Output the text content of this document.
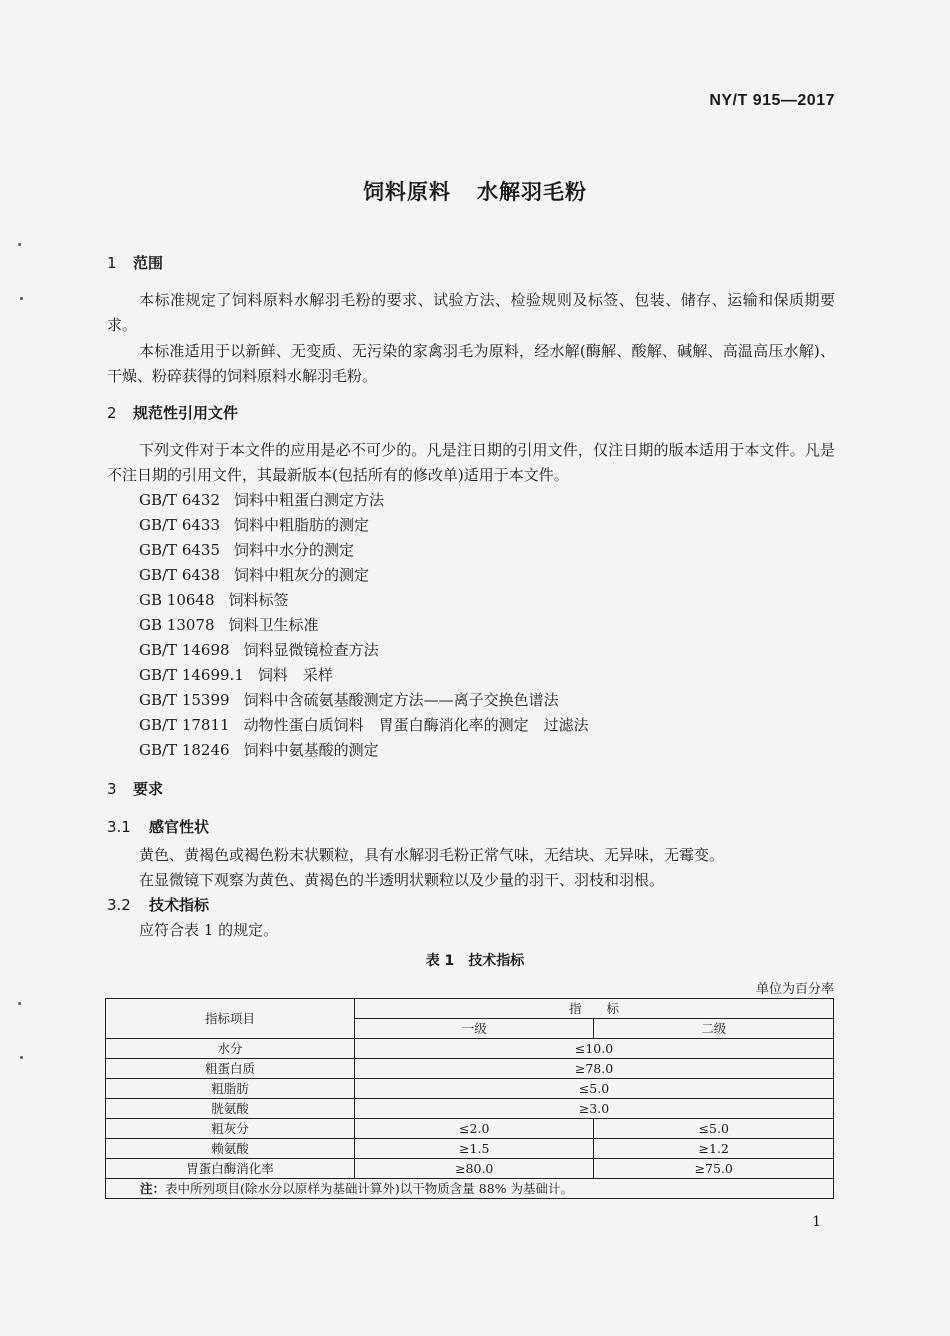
NY/T 915—2017
饲料原料 水解羽毛粉
1 范围
本标准规定了饲料原料水解羽毛粉的要求、试验方法、检验规则及标签、包装、储存、运输和保质期要求。
本标准适用于以新鲜、无变质、无污染的家禽羽毛为原料，经水解(酶解、酸解、碱解、高温高压水解)、干燥、粉碎获得的饲料原料水解羽毛粉。
2 规范性引用文件
下列文件对于本文件的应用是必不可少的。凡是注日期的引用文件，仅注日期的版本适用于本文件。凡是不注日期的引用文件，其最新版本(包括所有的修改单)适用于本文件。
GB/T 6432 饲料中粗蛋白测定方法
GB/T 6433 饲料中粗脂肪的测定
GB/T 6435 饲料中水分的测定
GB/T 6438 饲料中粗灰分的测定
GB 10648 饲料标签
GB 13078 饲料卫生标准
GB/T 14698 饲料显微镜检查方法
GB/T 14699.1 饲料　采样
GB/T 15399 饲料中含硫氨基酸测定方法——离子交换色谱法
GB/T 17811 动物性蛋白质饲料　胃蛋白酶消化率的测定　过滤法
GB/T 18246 饲料中氨基酸的测定
3 要求
3.1 感官性状
黄色、黄褐色或褐色粉末状颗粒，具有水解羽毛粉正常气味，无结块、无异味，无霉变。
在显微镜下观察为黄色、黄褐色的半透明状颗粒以及少量的羽干、羽枝和羽根。
3.2 技术指标
应符合表 1 的规定。
表 1 技术指标
单位为百分率
指标项目	指　　标	
	一级	二级
水分	≤10.0	
粗蛋白质	≥78.0	
粗脂肪	≤5.0	
胱氨酸	≥3.0	
粗灰分	≤2.0	≤5.0
赖氨酸	≥1.5	≥1.2
胃蛋白酶消化率	≥80.0	≥75.0
注：表中所列项目(除水分以原样为基础计算外)以干物质含量 88% 为基础计。		
1
